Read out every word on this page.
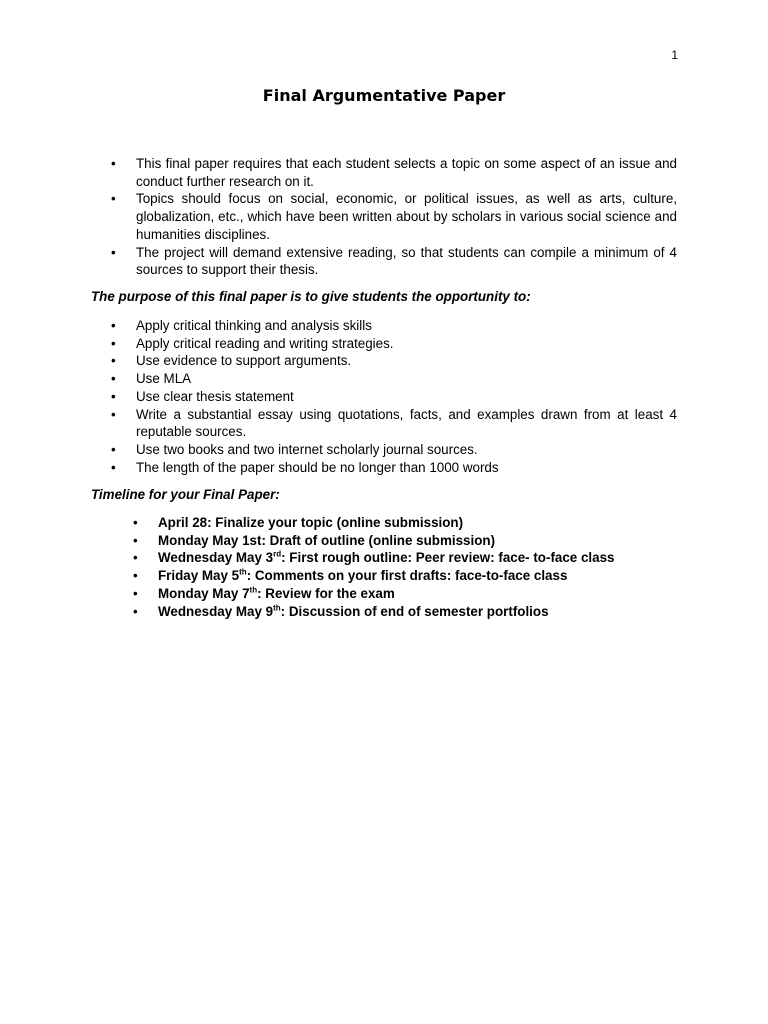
1
Final Argumentative Paper
• This final paper requires that each student selects a topic on some aspect of an issue and conduct further research on it.
• Topics should focus on social, economic, or political issues, as well as arts, culture, globalization, etc., which have been written about by scholars in various social science and humanities disciplines.
• The project will demand extensive reading, so that students can compile a minimum of 4 sources to support their thesis.

The purpose of this final paper is to give students the opportunity to:

• Apply critical thinking and analysis skills
• Apply critical reading and writing strategies.
• Use evidence to support arguments.
• Use MLA
• Use clear thesis statement
• Write a substantial essay using quotations, facts, and examples drawn from at least 4 reputable sources.
• Use two books and two internet scholarly journal sources.
• The length of the paper should be no longer than 1000 words

Timeline for your Final Paper:

• April 28: Finalize your topic (online submission)
• Monday May 1st: Draft of outline (online submission)
• Wednesday May 3rd: First rough outline: Peer review: face- to-face class
• Friday May 5th: Comments on your first drafts: face-to-face class
• Monday May 7th: Review for the exam
• Wednesday May 9th: Discussion of end of semester portfolios
